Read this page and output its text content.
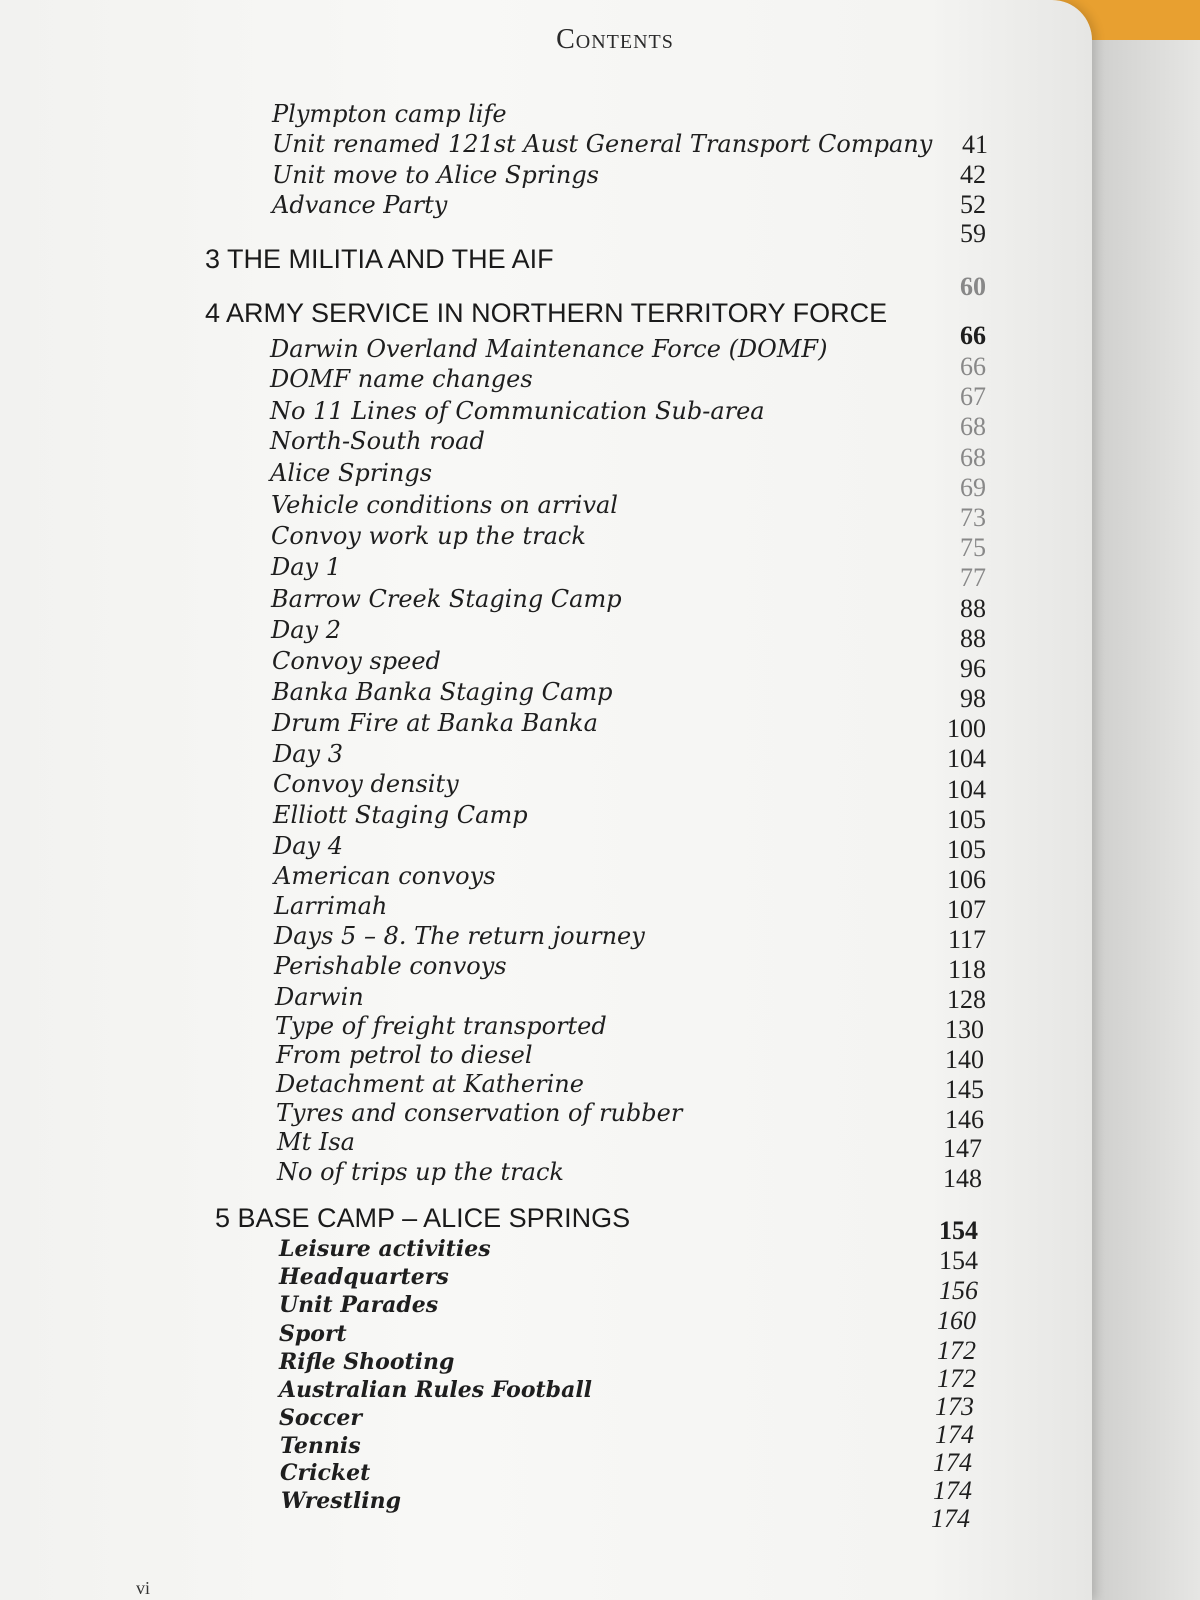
Contents
Plympton camp life
Unit renamed 121st Aust General Transport Company
Unit move to Alice Springs
Advance Party
3 THE MILITIA AND THE AIF
4 ARMY SERVICE IN NORTHERN TERRITORY FORCE
Darwin Overland Maintenance Force (DOMF)
DOMF name changes
No 11 Lines of Communication Sub-area
North-South road
Alice Springs
Vehicle conditions on arrival
Convoy work up the track
Day 1
Barrow Creek Staging Camp
Day 2
Convoy speed
Banka Banka Staging Camp
Drum Fire at Banka Banka
Day 3
Convoy density
Elliott Staging Camp
Day 4
American convoys
Larrimah
Days 5 – 8. The return journey
Perishable convoys
Darwin
Type of freight transported
From petrol to diesel
Detachment at Katherine
Tyres and conservation of rubber
Mt Isa
No of trips up the track
5 BASE CAMP – ALICE SPRINGS
Leisure activities
Headquarters
Unit Parades
Sport
Rifle Shooting
Australian Rules Football
Soccer
Tennis
Cricket
Wrestling
41
42
52
59
60
66
66
67
68
68
69
73
75
77
88
88
96
98
100
104
104
105
105
106
107
117
118
128
130
140
145
146
147
148
154
154
156
160
172
172
173
174
174
174
174
vi
